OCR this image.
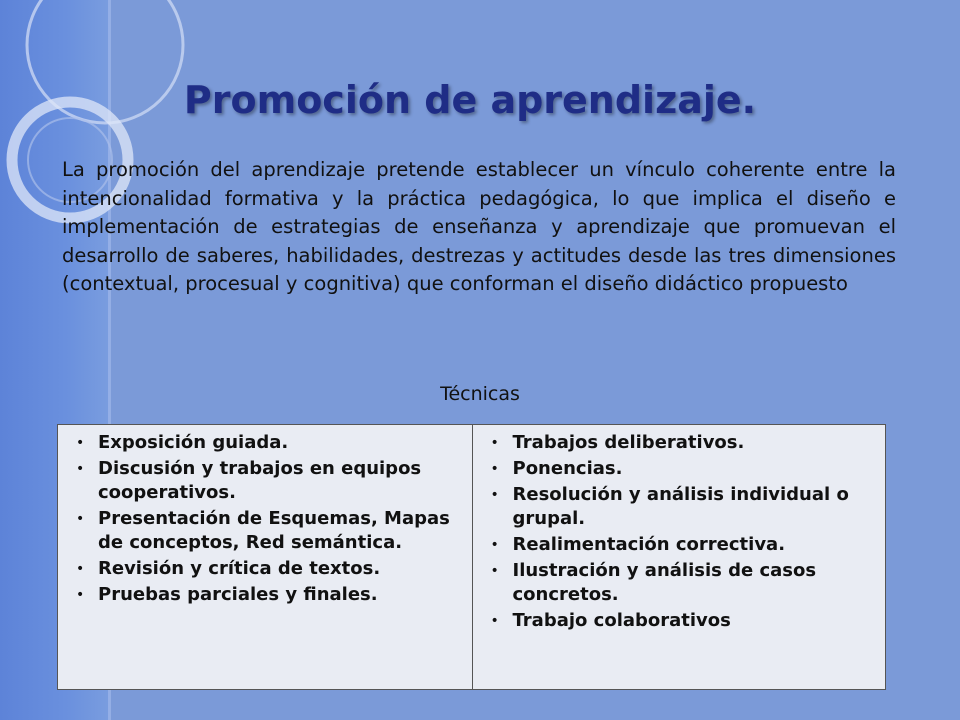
Promoción de aprendizaje.
La promoción del aprendizaje pretende establecer un vínculo coherente entre la intencionalidad formativa y la práctica pedagógica, lo que implica el diseño e implementación de estrategias de enseñanza y aprendizaje que promuevan el desarrollo de saberes, habilidades, destrezas y actitudes desde las tres dimensiones (contextual, procesual y cognitiva) que conforman el diseño didáctico propuesto
Técnicas
• Exposición guiada.
• Discusión y trabajos en equipos cooperativos.
• Presentación de Esquemas, Mapas de conceptos, Red semántica.
• Revisión y crítica de textos.
• Pruebas parciales y finales.
• Trabajos deliberativos.
• Ponencias.
• Resolución y análisis individual o grupal.
• Realimentación correctiva.
• Ilustración y análisis de casos concretos.
• Trabajo colaborativos
